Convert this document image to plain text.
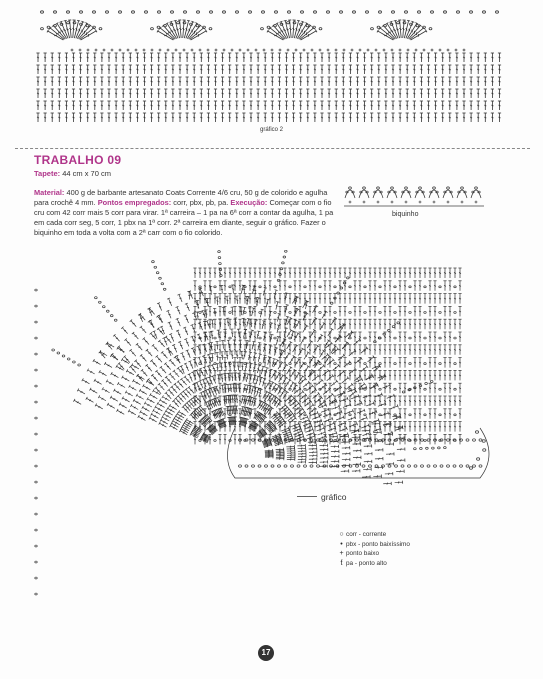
gráfico 2
TRABALHO 09
Tapete: 44 cm x 70 cm
Material: 400 g de barbante artesanato Coats Corrente 4/6 cru, 50 g de colorido e agulha para crochê 4 mm. Pontos empregados: corr, pbx, pb, pa. Execução: Começar com o fio cru com 42 corr mais 5 corr para virar. 1ª carreira – 1 pa na 6ª corr a contar da agulha, 1 pa em cada corr seg, 5 corr, 1 pbx na 1ª corr. 2ª carreira em diante, seguir o gráfico. Fazer o biquinho em toda a volta com a 2ª carr com o fio colorido.
biquinho
gráfico
○ corr - corrente
• pbx - ponto baixíssimo
+ ponto baixo
ƭ pa - ponto alto
17
